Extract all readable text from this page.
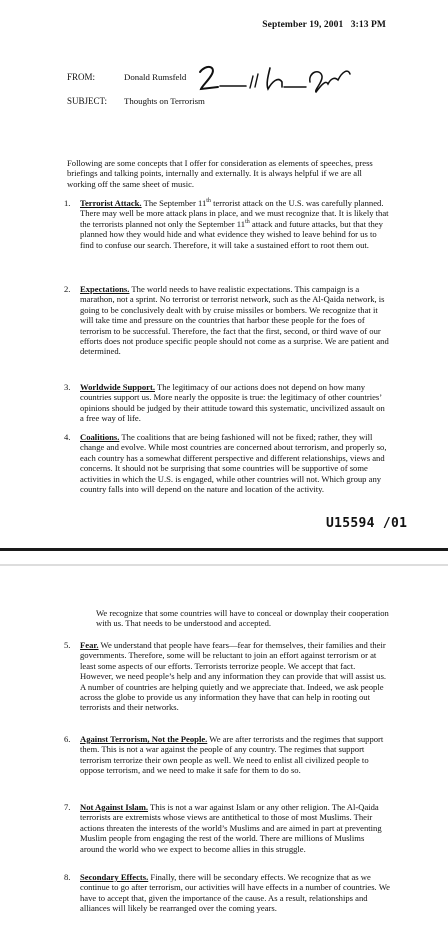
September 19, 2001   3:13 PM
FROM:	Donald Rumsfeld
SUBJECT: Thoughts on Terrorism

Following are some concepts that I offer for consideration as elements of speeches, press briefings and talking points, internally and externally. It is always helpful if we are all working off the same sheet of music.

1. Terrorist Attack. The September 11th terrorist attack on the U.S. was carefully planned. There may well be more attack plans in place, and we must recognize that. It is likely that the terrorists planned not only the September 11th attack and future attacks, but that they planned how they would hide and what evidence they wished to leave behind for us to find to confuse our search. Therefore, it will take a sustained effort to root them out.
2. Expectations. The world needs to have realistic expectations. This campaign is a marathon, not a sprint. No terrorist or terrorist network, such as the Al-Qaida network, is going to be conclusively dealt with by cruise missiles or bombers. We recognize that it will take time and pressure on the countries that harbor these people for the foes of terrorism to be successful. Therefore, the fact that the first, second, or third wave of our efforts does not produce specific people should not come as a surprise. We are patient and determined.
3. Worldwide Support. The legitimacy of our actions does not depend on how many countries support us. More nearly the opposite is true: the legitimacy of other countries’ opinions should be judged by their attitude toward this systematic, uncivilized assault on a free way of life.
4. Coalitions. The coalitions that are being fashioned will not be fixed; rather, they will change and evolve. While most countries are concerned about terrorism, and properly so, each country has a somewhat different perspective and different relationships, views and concerns. It should not be surprising that some countries will be supportive of some activities in which the U.S. is engaged, while other countries will not. Which group any country falls into will depend on the nature and location of the activity.
U15594 /01

We recognize that some countries will have to conceal or downplay their cooperation with us. That needs to be understood and accepted.

5. Fear. We understand that people have fears—fear for themselves, their families and their governments. Therefore, some will be reluctant to join an effort against terrorism or at least some aspects of our efforts. Terrorists terrorize people. We accept that fact. However, we need people’s help and any information they can provide that will assist us. A number of countries are helping quietly and we appreciate that. Indeed, we ask people across the globe to provide us any information they have that can help in rooting out terrorists and their networks.
6. Against Terrorism, Not the People. We are after terrorists and the regimes that support them. This is not a war against the people of any country. The regimes that support terrorism terrorize their own people as well. We need to enlist all civilized people to oppose terrorism, and we need to make it safe for them to do so.
7. Not Against Islam. This is not a war against Islam or any other religion. The Al-Qaida terrorists are extremists whose views are antithetical to those of most Muslims. Their actions threaten the interests of the world’s Muslims and are aimed in part at preventing Muslim people from engaging the rest of the world. There are millions of Muslims around the world who we expect to become allies in this struggle.
8. Secondary Effects. Finally, there will be secondary effects. We recognize that as we continue to go after terrorism, our activities will have effects in a number of countries. We have to accept that, given the importance of the cause. As a result, relationships and alliances will likely be rearranged over the coming years.
